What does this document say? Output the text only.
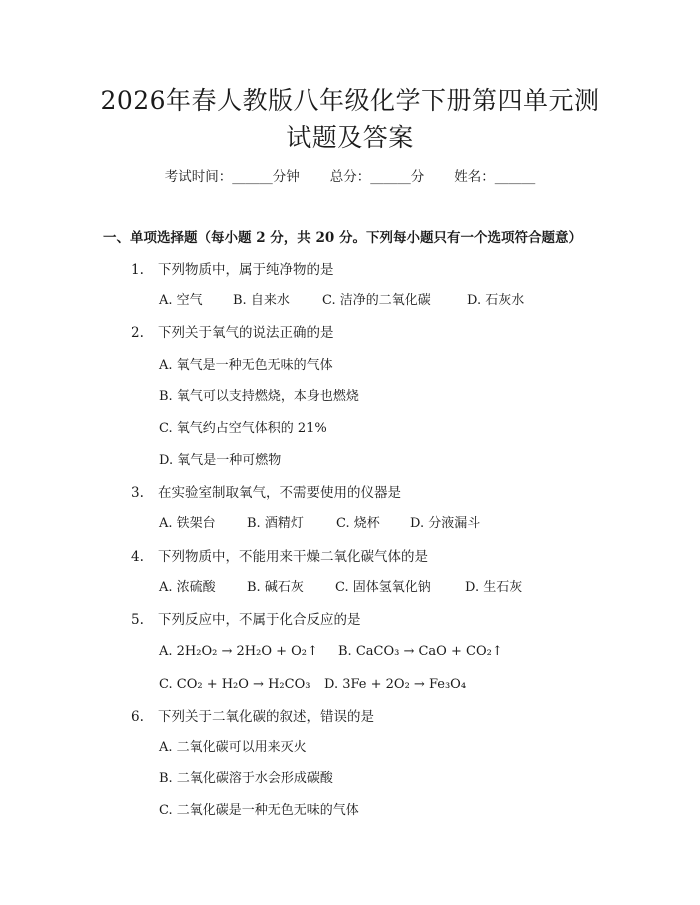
2026年春人教版八年级化学下册第四单元测
试题及答案
考试时间：______分钟 总分：______分 姓名：______
一、单项选择题（每小题 2 分，共 20 分。下列每小题只有一个选项符合题意）
1. 下列物质中，属于纯净物的是
A. 空气 B. 自来水 C. 洁净的二氧化碳	D. 石灰水
2. 下列关于氧气的说法正确的是
A. 氧气是一种无色无味的气体
B. 氧气可以支持燃烧，本身也燃烧
C. 氧气约占空气体积的 21%
D. 氧气是一种可燃物
3. 在实验室制取氧气，不需要使用的仪器是
A. 铁架台 B. 酒精灯 C. 烧杯 D. 分液漏斗
4. 下列物质中，不能用来干燥二氧化碳气体的是
A. 浓硫酸 B. 碱石灰 C. 固体氢氧化钠	D. 生石灰
5. 下列反应中，不属于化合反应的是
A. 2H₂O₂ → 2H₂O + O₂↑ B. CaCO₃ → CaO + CO₂↑
C. CO₂ + H₂O → H₂CO₃ D. 3Fe + 2O₂ → Fe₃O₄
6. 下列关于二氧化碳的叙述，错误的是
A. 二氧化碳可以用来灭火
B. 二氧化碳溶于水会形成碳酸
C. 二氧化碳是一种无色无味的气体
